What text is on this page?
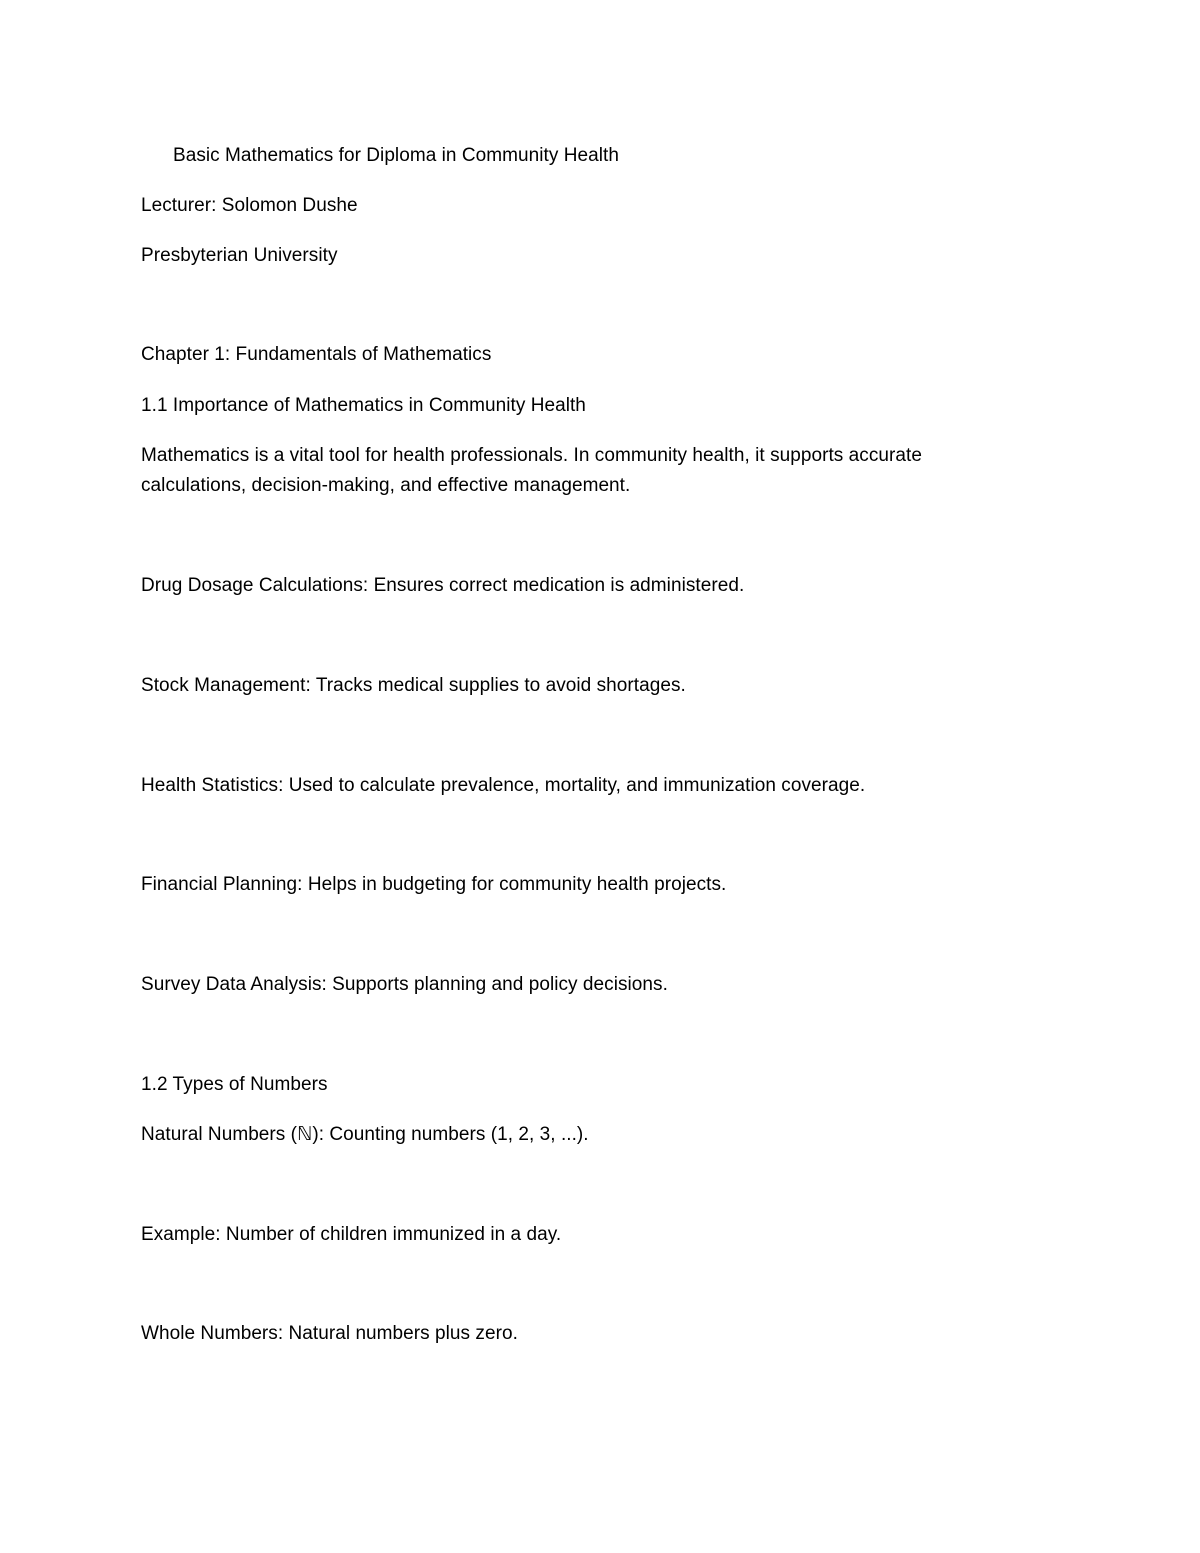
Basic Mathematics for Diploma in Community Health
Lecturer: Solomon Dushe
Presbyterian University
Chapter 1: Fundamentals of Mathematics
1.1 Importance of Mathematics in Community Health
Mathematics is a vital tool for health professionals. In community health, it supports accurate
calculations, decision-making, and effective management.
Drug Dosage Calculations: Ensures correct medication is administered.
Stock Management: Tracks medical supplies to avoid shortages.
Health Statistics: Used to calculate prevalence, mortality, and immunization coverage.
Financial Planning: Helps in budgeting for community health projects.
Survey Data Analysis: Supports planning and policy decisions.
1.2 Types of Numbers
Natural Numbers (ℕ): Counting numbers (1, 2, 3, ...).
Example: Number of children immunized in a day.
Whole Numbers: Natural numbers plus zero.
